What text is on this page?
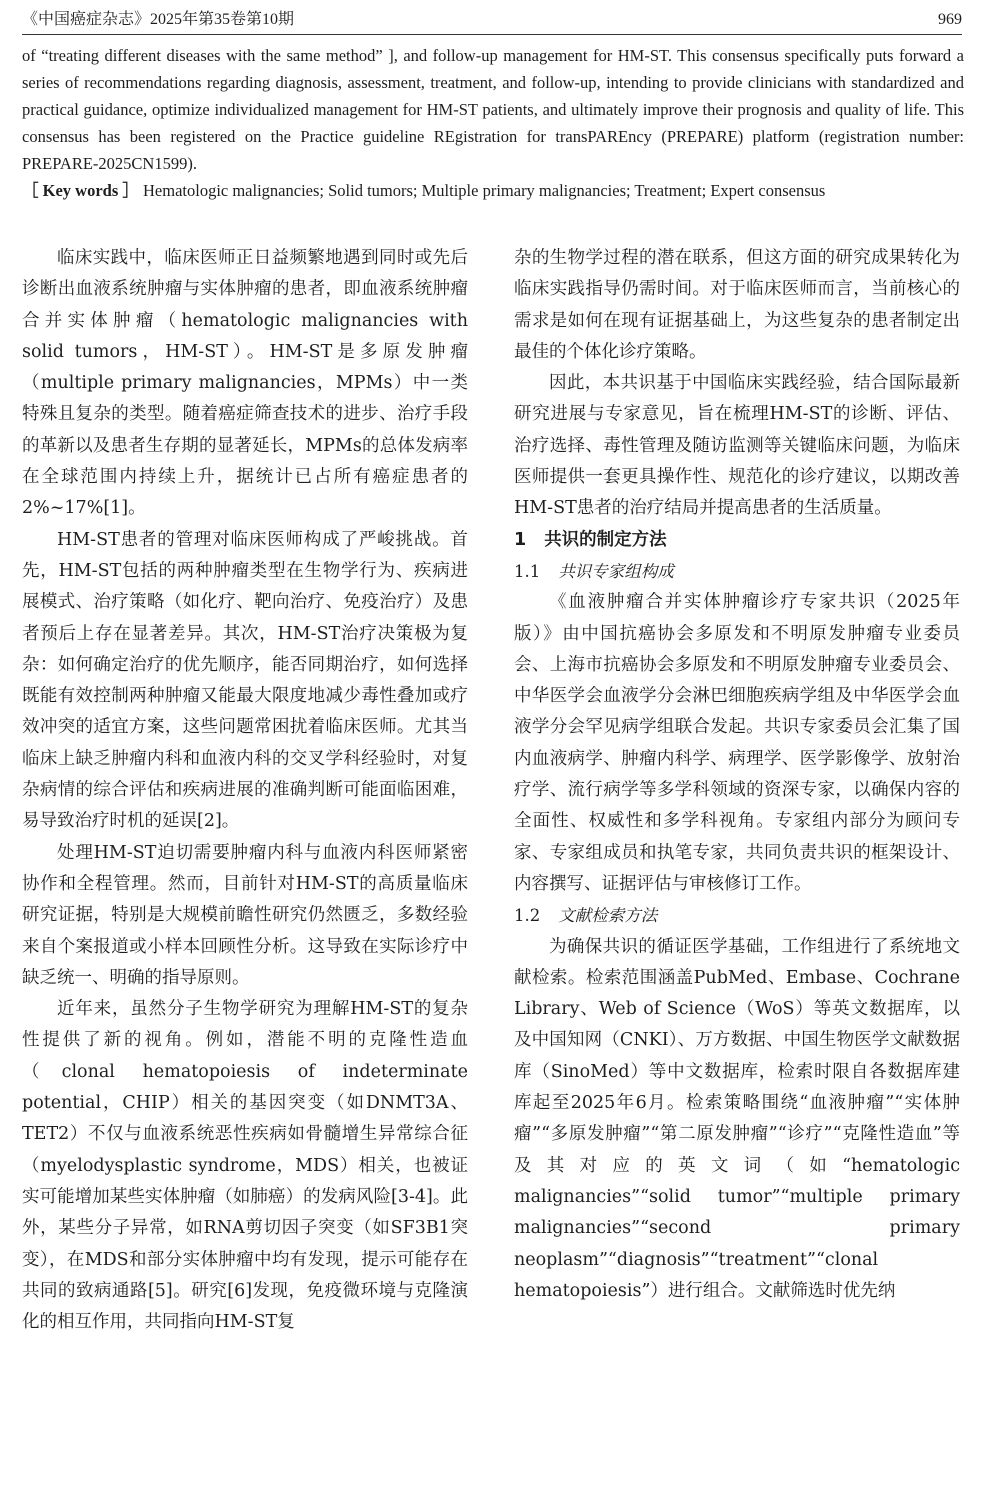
《中国癌症杂志》2025年第35卷第10期	969

of “treating different diseases with the same method” ], and follow-up management for HM-ST. This consensus specifically puts forward a series of recommendations regarding diagnosis, assessment, treatment, and follow-up, intending to provide clinicians with standardized and practical guidance, optimize individualized management for HM-ST patients, and ultimately improve their prognosis and quality of life. This consensus has been registered on the Practice guideline REgistration for transPAREncy (PREPARE) platform (registration number: PREPARE-2025CN1599).

［ Key words ］ Hematologic malignancies; Solid tumors; Multiple primary malignancies; Treatment; Expert consensus

临床实践中，临床医师正日益频繁地遇到同时或先后诊断出血液系统肿瘤与实体肿瘤的患者，即血液系统肿瘤合并实体肿瘤（hematologic malignancies with solid tumors，HM-ST）。HM-ST是多原发肿瘤（multiple primary malignancies，MPMs）中一类特殊且复杂的类型。随着癌症筛查技术的进步、治疗手段的革新以及患者生存期的显著延长，MPMs的总体发病率在全球范围内持续上升，据统计已占所有癌症患者的2%~17%[1]。

HM-ST患者的管理对临床医师构成了严峻挑战。首先，HM-ST包括的两种肿瘤类型在生物学行为、疾病进展模式、治疗策略（如化疗、靶向治疗、免疫治疗）及患者预后上存在显著差异。其次，HM-ST治疗决策极为复杂：如何确定治疗的优先顺序，能否同期治疗，如何选择既能有效控制两种肿瘤又能最大限度地减少毒性叠加或疗效冲突的适宜方案，这些问题常困扰着临床医师。尤其当临床上缺乏肿瘤内科和血液内科的交叉学科经验时，对复杂病情的综合评估和疾病进展的准确判断可能面临困难，易导致治疗时机的延误[2]。

处理HM-ST迫切需要肿瘤内科与血液内科医师紧密协作和全程管理。然而，目前针对HM-ST的高质量临床研究证据，特别是大规模前瞻性研究仍然匮乏，多数经验来自个案报道或小样本回顾性分析。这导致在实际诊疗中缺乏统一、明确的指导原则。

近年来，虽然分子生物学研究为理解HM-ST的复杂性提供了新的视角。例如，潜能不明的克隆性造血（clonal hematopoiesis of indeterminate potential，CHIP）相关的基因突变（如DNMT3A、TET2）不仅与血液系统恶性疾病如骨髓增生异常综合征（myelodysplastic syndrome，MDS）相关，也被证实可能增加某些实体肿瘤（如肺癌）的发病风险[3-4]。此外，某些分子异常，如RNA剪切因子突变（如SF3B1突变），在MDS和部分实体肿瘤中均有发现，提示可能存在共同的致病通路[5]。研究[6]发现，免疫微环境与克隆演化的相互作用，共同指向HM-ST复

杂的生物学过程的潜在联系，但这方面的研究成果转化为临床实践指导仍需时间。对于临床医师而言，当前核心的需求是如何在现有证据基础上，为这些复杂的患者制定出最佳的个体化诊疗策略。

因此，本共识基于中国临床实践经验，结合国际最新研究进展与专家意见，旨在梳理HM-ST的诊断、评估、治疗选择、毒性管理及随访监测等关键临床问题，为临床医师提供一套更具操作性、规范化的诊疗建议，以期改善HM-ST患者的治疗结局并提高患者的生活质量。

1 共识的制定方法
1.1 共识专家组构成

《血液肿瘤合并实体肿瘤诊疗专家共识（2025年版）》由中国抗癌协会多原发和不明原发肿瘤专业委员会、上海市抗癌协会多原发和不明原发肿瘤专业委员会、中华医学会血液学分会淋巴细胞疾病学组及中华医学会血液学分会罕见病学组联合发起。共识专家委员会汇集了国内血液病学、肿瘤内科学、病理学、医学影像学、放射治疗学、流行病学等多学科领域的资深专家，以确保内容的全面性、权威性和多学科视角。专家组内部分为顾问专家、专家组成员和执笔专家，共同负责共识的框架设计、内容撰写、证据评估与审核修订工作。

1.2 文献检索方法

为确保共识的循证医学基础，工作组进行了系统地文献检索。检索范围涵盖PubMed、Embase、Cochrane Library、Web of Science（WoS）等英文数据库，以及中国知网（CNKI）、万方数据、中国生物医学文献数据库（SinoMed）等中文数据库，检索时限自各数据库建库起至2025年6月。检索策略围绕“血液肿瘤”“实体肿瘤”“多原发肿瘤”“第二原发肿瘤”“诊疗”“克隆性造血”等及其对应的英文词（如“hematologic malignancies”“solid tumor”“multiple primary malignancies”“second primary neoplasm”“diagnosis”“treatment”“clonal hematopoiesis”）进行组合。文献筛选时优先纳
